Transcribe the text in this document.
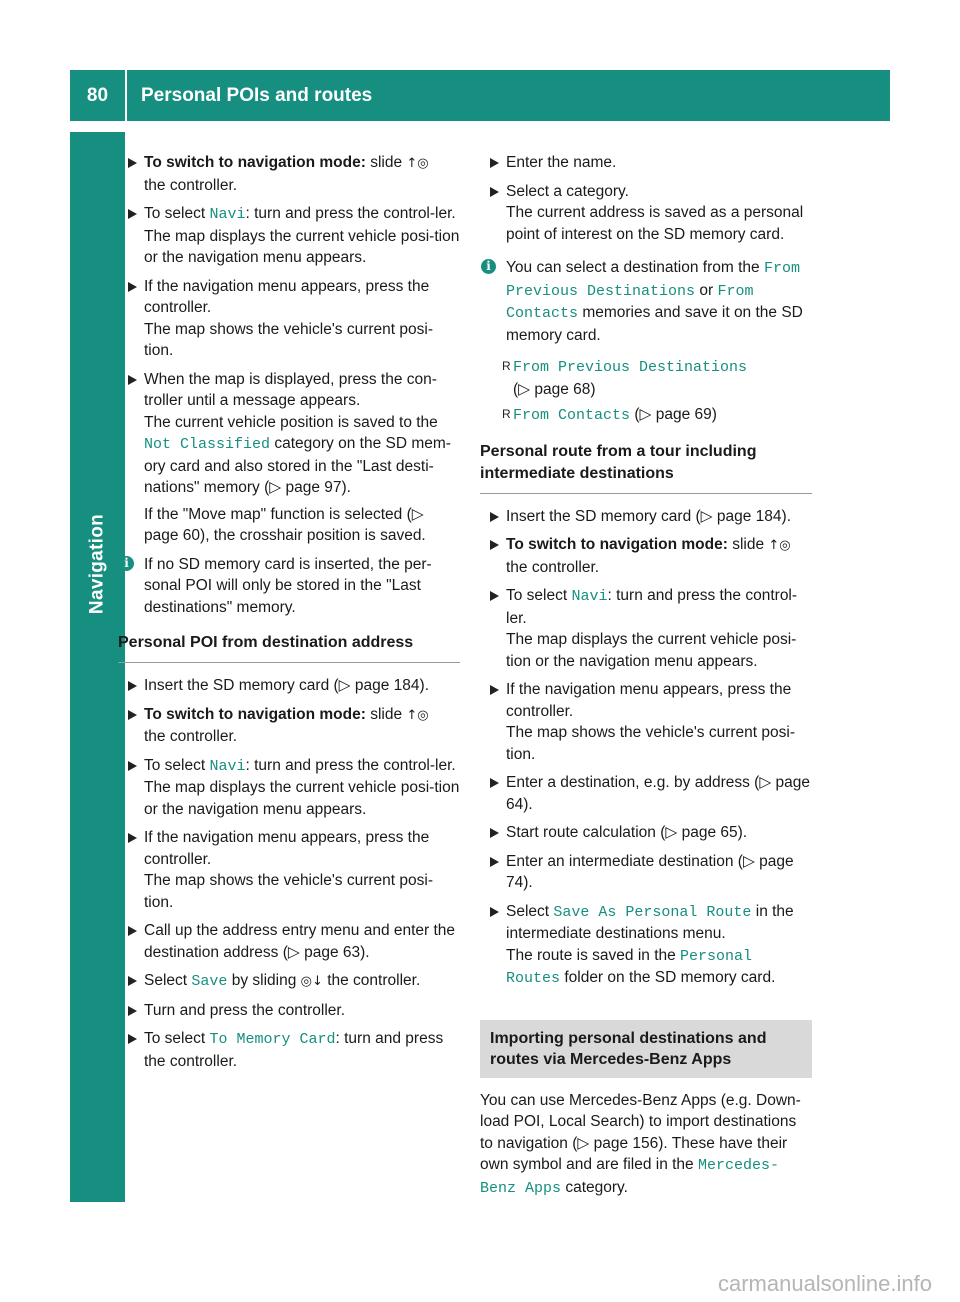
80	Personal POIs and routes
Navigation
To switch to navigation mode: slide ↑◎
the controller.
To select Navi: turn and press the control-ler.
The map displays the current vehicle posi-tion or the navigation menu appears.
If the navigation menu appears, press the controller.
The map shows the vehicle's current posi-tion.
When the map is displayed, press the con-troller until a message appears.
The current vehicle position is saved to the Not Classified category on the SD mem-ory card and also stored in the "Last desti-nations" memory (▷ page 97).
If the "Move map" function is selected (▷ page 60), the crosshair position is saved.
i If no SD memory card is inserted, the per-sonal POI will only be stored in the "Last destinations" memory.
Personal POI from destination address
Insert the SD memory card (▷ page 184).
To switch to navigation mode: slide ↑◎
the controller.
To select Navi: turn and press the control-ler.
The map displays the current vehicle posi-tion or the navigation menu appears.
If the navigation menu appears, press the controller.
The map shows the vehicle's current posi-tion.
Call up the address entry menu and enter the destination address (▷ page 63).
Select Save by sliding ◎↓ the controller.
Turn and press the controller.
To select To Memory Card: turn and press the controller.
Enter the name.
Select a category.
The current address is saved as a personal point of interest on the SD memory card.
i You can select a destination from the From Previous Destinations or From Contacts memories and save it on the SD memory card.
R From Previous Destinations
(▷ page 68)
R From Contacts (▷ page 69)
Personal route from a tour including intermediate destinations
Insert the SD memory card (▷ page 184).
To switch to navigation mode: slide ↑◎
the controller.
To select Navi: turn and press the control-ler.
The map displays the current vehicle posi-tion or the navigation menu appears.
If the navigation menu appears, press the controller.
The map shows the vehicle's current posi-tion.
Enter a destination, e.g. by address (▷ page 64).
Start route calculation (▷ page 65).
Enter an intermediate destination (▷ page 74).
Select Save As Personal Route in the intermediate destinations menu.
The route is saved in the Personal Routes folder on the SD memory card.
Importing personal destinations and routes via Mercedes-Benz Apps
You can use Mercedes-Benz Apps (e.g. Down-load POI, Local Search) to import destinations to navigation (▷ page 156). These have their own symbol and are filed in the Mercedes-Benz Apps category.
carmanualsonline.info
